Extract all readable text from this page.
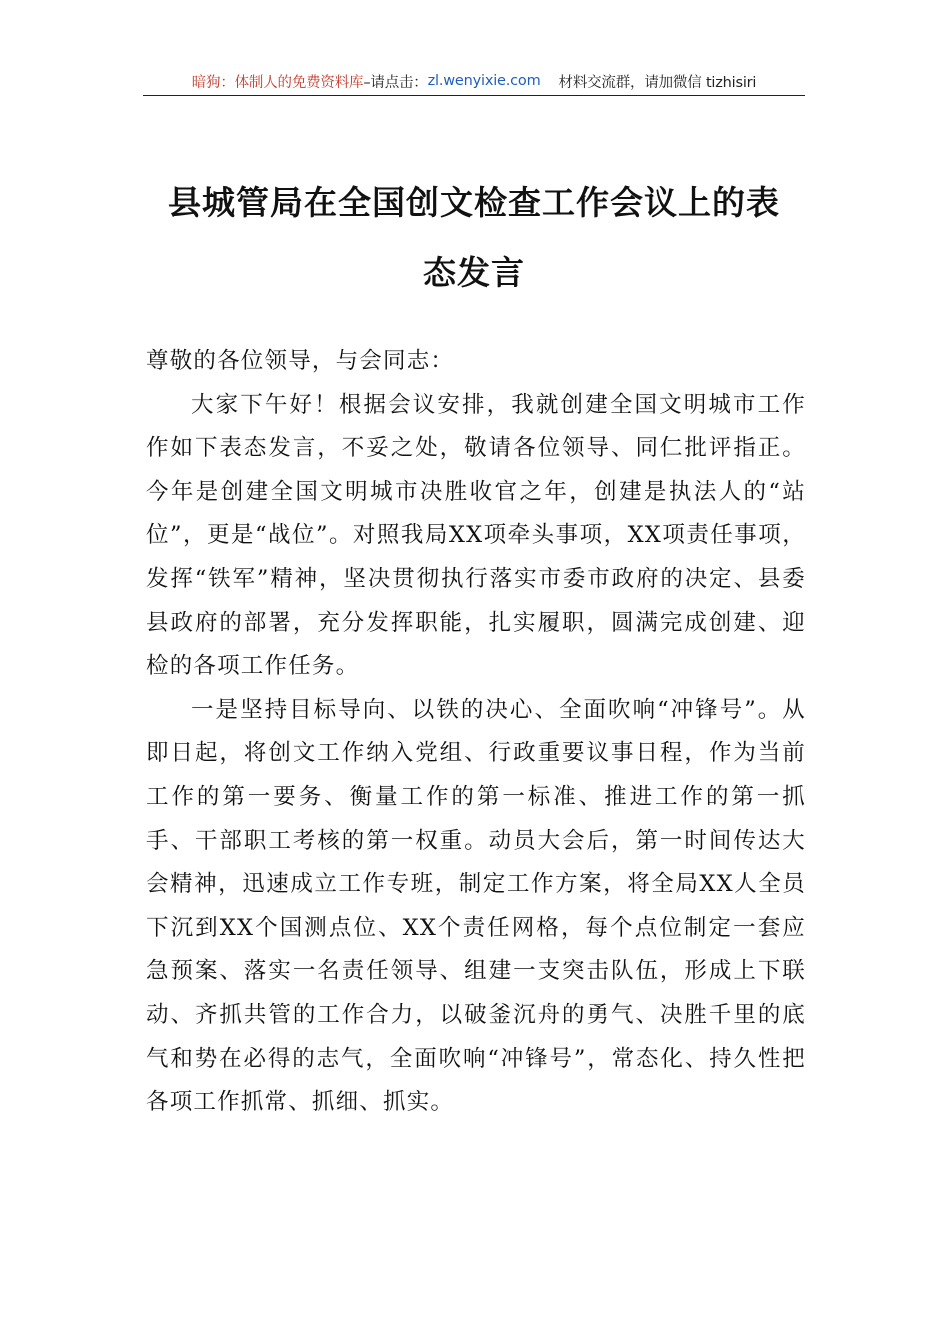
暗狗：体制人的免费资料库 –请点击： zl.wenyixie.com 材料交流群，请加微信 tizhisiri
县城管局在全国创文检查工作会议上的表
态发言

尊敬的各位领导，与会同志：

大家下午好！根据会议安排，我就创建全国文明城市工作作如下表态发言，不妥之处，敬请各位领导、同仁批评指正。今年是创建全国文明城市决胜收官之年，创建是执法人的“站位”，更是“战位”。对照我局XX项牵头事项，XX项责任事项，发挥“铁军”精神，坚决贯彻执行落实市委市政府的决定、县委县政府的部署，充分发挥职能，扎实履职，圆满完成创建、迎检的各项工作任务。

一是坚持目标导向、以铁的决心、全面吹响“冲锋号”。从即日起，将创文工作纳入党组、行政重要议事日程，作为当前工作的第一要务、衡量工作的第一标准、推进工作的第一抓手、干部职工考核的第一权重。动员大会后，第一时间传达大会精神，迅速成立工作专班，制定工作方案，将全局XX人全员下沉到XX个国测点位、XX个责任网格，每个点位制定一套应急预案、落实一名责任领导、组建一支突击队伍，形成上下联动、齐抓共管的工作合力，以破釜沉舟的勇气、决胜千里的底气和势在必得的志气，全面吹响“冲锋号”，常态化、持久性把各项工作抓常、抓细、抓实。
